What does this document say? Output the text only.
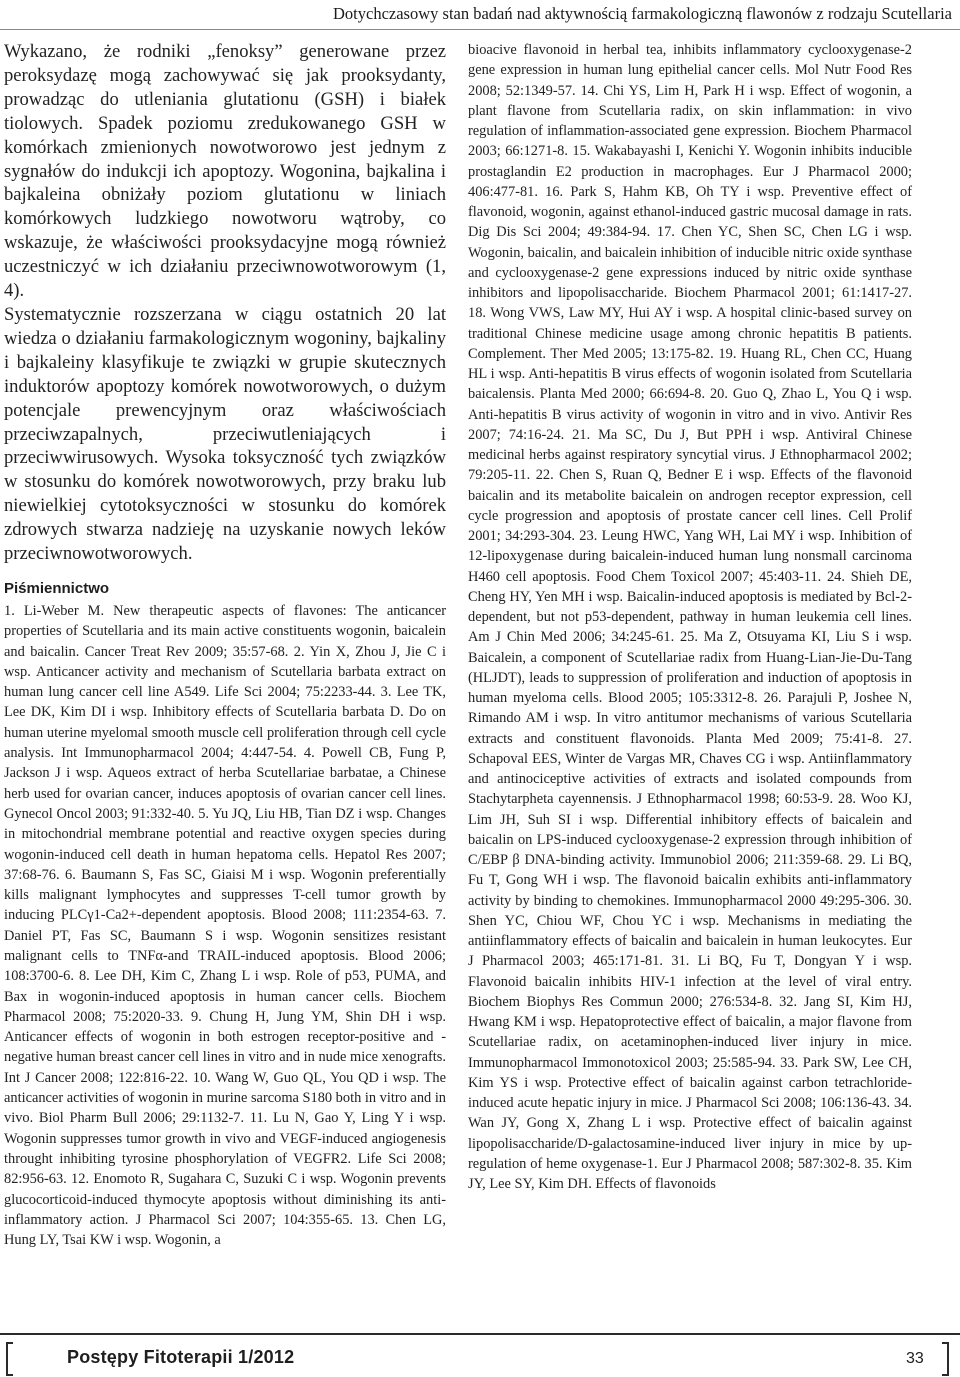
Dotychczasowy stan badań nad aktywnością farmakologiczną flawonów z rodzaju Scutellaria

Wykazano, że rodniki „fenoksy” generowane przez peroksydazę mogą zachowywać się jak prooksydanty, prowadząc do utleniania glutationu (GSH) i białek tiolowych. Spadek poziomu zredukowanego GSH w komórkach zmienionych nowotworowo jest jednym z sygnałów do indukcji ich apoptozy. Wogonina, bajkalina i bajkaleina obniżały poziom glutationu w liniach komórkowych ludzkiego nowotworu wątroby, co wskazuje, że właściwości prooksydacyjne mogą również uczestniczyć w ich działaniu przeciwnowotworowym (1, 4).

Systematycznie rozszerzana w ciągu ostatnich 20 lat wiedza o działaniu farmakologicznym wogoniny, bajkaliny i bajkaleiny klasyfikuje te związki w grupie skutecznych induktorów apoptozy komórek nowotworowych, o dużym potencjale prewencyjnym oraz właściwościach przeciwzapalnych, przeciwutleniających i przeciwwirusowych. Wysoka toksyczność tych związków w stosunku do komórek nowotworowych, przy braku lub niewielkiej cytotoksyczności w stosunku do komórek zdrowych stwarza nadzieję na uzyskanie nowych leków przeciwnowotworowych.

Piśmiennictwo

1. Li-Weber M. New therapeutic aspects of flavones: The anticancer properties of Scutellaria and its main active constituents wogonin, baicalein and baicalin. Cancer Treat Rev 2009; 35:57-68. 2. Yin X, Zhou J, Jie C i wsp. Anticancer activity and mechanism of Scutellaria barbata extract on human lung cancer cell line A549. Life Sci 2004; 75:2233-44. 3. Lee TK, Lee DK, Kim DI i wsp. Inhibitory effects of Scutellaria barbata D. Do on human uterine myelomal smooth muscle cell proliferation through cell cycle analysis. Int Immunopharmacol 2004; 4:447-54. 4. Powell CB, Fung P, Jackson J i wsp. Aqueos extract of herba Scutellariae barbatae, a Chinese herb used for ovarian cancer, induces apoptosis of ovarian cancer cell lines. Gynecol Oncol 2003; 91:332-40. 5. Yu JQ, Liu HB, Tian DZ i wsp. Changes in mitochondrial membrane potential and reactive oxygen species during wogonin-induced cell death in human hepatoma cells. Hepatol Res 2007; 37:68-76. 6. Baumann S, Fas SC, Giaisi M i wsp. Wogonin preferentially kills malignant lymphocytes and suppresses T-cell tumor growth by inducing PLCγ1-Ca2+-dependent apoptosis. Blood 2008; 111:2354-63. 7. Daniel PT, Fas SC, Baumann S i wsp. Wogonin sensitizes resistant malignant cells to TNFα-and TRAIL-induced apoptosis. Blood 2006; 108:3700-6. 8. Lee DH, Kim C, Zhang L i wsp. Role of p53, PUMA, and Bax in wogonin-induced apoptosis in human cancer cells. Biochem Pharmacol 2008; 75:2020-33. 9. Chung H, Jung YM, Shin DH i wsp. Anticancer effects of wogonin in both estrogen receptor-positive and -negative human breast cancer cell lines in vitro and in nude mice xenografts. Int J Cancer 2008; 122:816-22. 10. Wang W, Guo QL, You QD i wsp. The anticancer activities of wogonin in murine sarcoma S180 both in vitro and in vivo. Biol Pharm Bull 2006; 29:1132-7. 11. Lu N, Gao Y, Ling Y i wsp. Wogonin suppresses tumor growth in vivo and VEGF-induced angiogenesis throught inhibiting tyrosine phosphorylation of VEGFR2. Life Sci 2008; 82:956-63. 12. Enomoto R, Sugahara C, Suzuki C i wsp. Wogonin prevents glucocorticoid-induced thymocyte apoptosis without diminishing its anti-inflammatory action. J Pharmacol Sci 2007; 104:355-65. 13. Chen LG, Hung LY, Tsai KW i wsp. Wogonin, a

bioacive flavonoid in herbal tea, inhibits inflammatory cyclooxygenase-2 gene expression in human lung epithelial cancer cells. Mol Nutr Food Res 2008; 52:1349-57. 14. Chi YS, Lim H, Park H i wsp. Effect of wogonin, a plant flavone from Scutellaria radix, on skin inflammation: in vivo regulation of inflammation-associated gene expression. Biochem Pharmacol 2003; 66:1271-8. 15. Wakabayashi I, Kenichi Y. Wogonin inhibits inducible prostaglandin E2 production in macrophages. Eur J Pharmacol 2000; 406:477-81. 16. Park S, Hahm KB, Oh TY i wsp. Preventive effect of flavonoid, wogonin, against ethanol-induced gastric mucosal damage in rats. Dig Dis Sci 2004; 49:384-94. 17. Chen YC, Shen SC, Chen LG i wsp. Wogonin, baicalin, and baicalein inhibition of inducible nitric oxide synthase and cyclooxygenase-2 gene expressions induced by nitric oxide synthase inhibitors and lipopolisaccharide. Biochem Pharmacol 2001; 61:1417-27. 18. Wong VWS, Law MY, Hui AY i wsp. A hospital clinic-based survey on traditional Chinese medicine usage among chronic hepatitis B patients. Complement. Ther Med 2005; 13:175-82. 19. Huang RL, Chen CC, Huang HL i wsp. Anti-hepatitis B virus effects of wogonin isolated from Scutellaria baicalensis. Planta Med 2000; 66:694-8. 20. Guo Q, Zhao L, You Q i wsp. Anti-hepatitis B virus activity of wogonin in vitro and in vivo. Antivir Res 2007; 74:16-24. 21. Ma SC, Du J, But PPH i wsp. Antiviral Chinese medicinal herbs against respiratory syncytial virus. J Ethnopharmacol 2002; 79:205-11. 22. Chen S, Ruan Q, Bedner E i wsp. Effects of the flavonoid baicalin and its metabolite baicalein on androgen receptor expression, cell cycle progression and apoptosis of prostate cancer cell lines. Cell Prolif 2001; 34:293-304. 23. Leung HWC, Yang WH, Lai MY i wsp. Inhibition of 12-lipoxygenase during baicalein-induced human lung nonsmall carcinoma H460 cell apoptosis. Food Chem Toxicol 2007; 45:403-11. 24. Shieh DE, Cheng HY, Yen MH i wsp. Baicalin-induced apoptosis is mediated by Bcl-2-dependent, but not p53-dependent, pathway in human leukemia cell lines. Am J Chin Med 2006; 34:245-61. 25. Ma Z, Otsuyama KI, Liu S i wsp. Baicalein, a component of Scutellariae radix from Huang-Lian-Jie-Du-Tang (HLJDT), leads to suppression of proliferation and induction of apoptosis in human myeloma cells. Blood 2005; 105:3312-8. 26. Parajuli P, Joshee N, Rimando AM i wsp. In vitro antitumor mechanisms of various Scutellaria extracts and constituent flavonoids. Planta Med 2009; 75:41-8. 27. Schapoval EES, Winter de Vargas MR, Chaves CG i wsp. Antiinflammatory and antinociceptive activities of extracts and isolated compounds from Stachytarpheta cayennensis. J Ethnopharmacol 1998; 60:53-9. 28. Woo KJ, Lim JH, Suh SI i wsp. Differential inhibitory effects of baicalein and baicalin on LPS-induced cyclooxygenase-2 expression through inhibition of C/EBP β DNA-binding activity. Immunobiol 2006; 211:359-68. 29. Li BQ, Fu T, Gong WH i wsp. The flavonoid baicalin exhibits anti-inflammatory activity by binding to chemokines. Immunopharmacol 2000 49:295-306. 30. Shen YC, Chiou WF, Chou YC i wsp. Mechanisms in mediating the antiinflammatory effects of baicalin and baicalein in human leukocytes. Eur J Pharmacol 2003; 465:171-81. 31. Li BQ, Fu T, Dongyan Y i wsp. Flavonoid baicalin inhibits HIV-1 infection at the level of viral entry. Biochem Biophys Res Commun 2000; 276:534-8. 32. Jang SI, Kim HJ, Hwang KM i wsp. Hepatoprotective effect of baicalin, a major flavone from Scutellariae radix, on acetaminophen-induced liver injury in mice. Immunopharmacol Immonotoxicol 2003; 25:585-94. 33. Park SW, Lee CH, Kim YS i wsp. Protective effect of baicalin against carbon tetrachloride-induced acute hepatic injury in mice. J Pharmacol Sci 2008; 106:136-43. 34. Wan JY, Gong X, Zhang L i wsp. Protective effect of baicalin against lipopolisaccharide/D-galactosamine-induced liver injury in mice by up-regulation of heme oxygenase-1. Eur J Pharmacol 2008; 587:302-8. 35. Kim JY, Lee SY, Kim DH. Effects of flavonoids

Postępy Fitoterapii 1/2012	33
